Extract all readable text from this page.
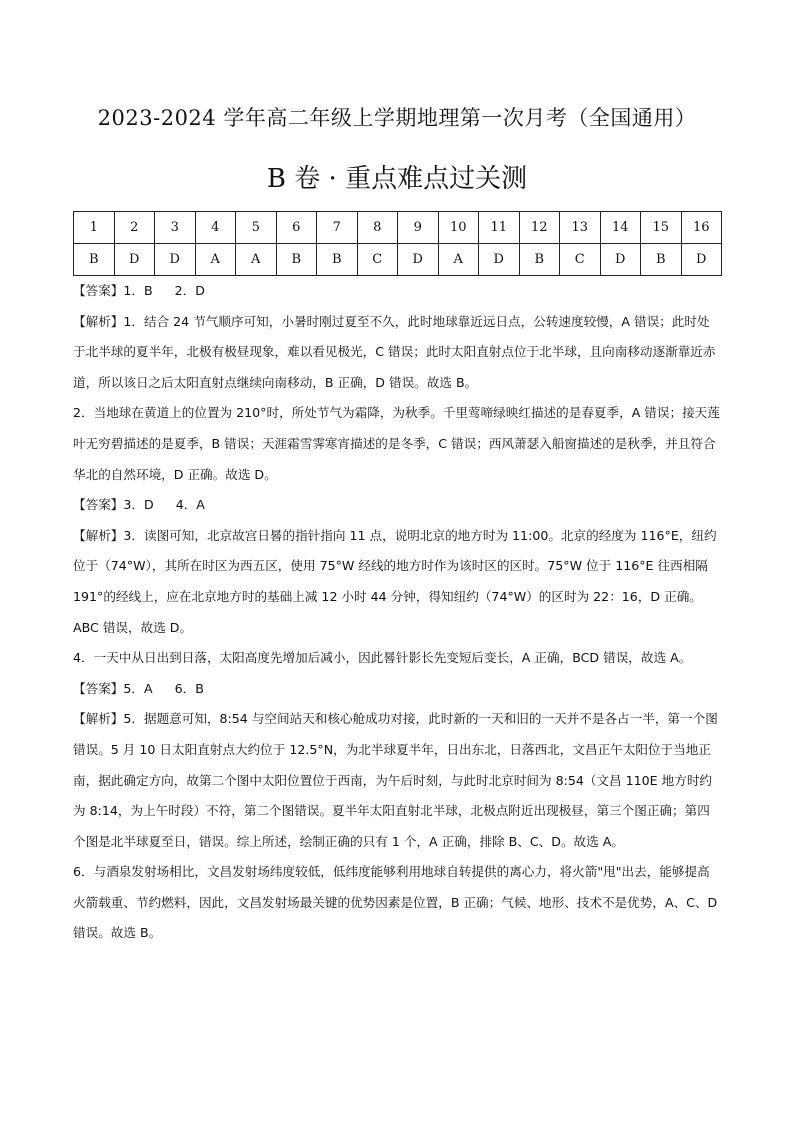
2023-2024 学年高二年级上学期地理第一次月考（全国通用）
B 卷 · 重点难点过关测
1	2	3	4	5	6	7	8	9	10	11	12	13	14	15	16
B	D	D	A	A	B	B	C	D	A	D	B	C	D	B	D

【答案】1．B 2．D

【解析】1．结合 24 节气顺序可知，小暑时刚过夏至不久，此时地球靠近远日点，公转速度较慢，A 错误；此时处于北半球的夏半年，北极有极昼现象，难以看见极光，C 错误；此时太阳直射点位于北半球，且向南移动逐渐靠近赤道，所以该日之后太阳直射点继续向南移动，B 正确，D 错误。故选 B。

2．当地球在黄道上的位置为 210°时，所处节气为霜降，为秋季。千里莺啼绿映红描述的是春夏季，A 错误；接天莲叶无穷碧描述的是夏季，B 错误；天涯霜雪霁寒宵描述的是冬季，C 错误；西风萧瑟入船窗描述的是秋季，并且符合华北的自然环境，D 正确。故选 D。

【答案】3．D 4．A

【解析】3．读图可知，北京故宫日晷的指针指向 11 点，说明北京的地方时为 11:00。北京的经度为 116°E，纽约位于（74°W），其所在时区为西五区，使用 75°W 经线的地方时作为该时区的区时。75°W 位于 116°E 往西相隔 191°的经线上，应在北京地方时的基础上减 12 小时 44 分钟，得知纽约（74°W）的区时为 22：16，D 正确。ABC 错误，故选 D。

4．一天中从日出到日落，太阳高度先增加后减小，因此晷针影长先变短后变长，A 正确，BCD 错误，故选 A。

【答案】5．A 6．B

【解析】5．据题意可知，8:54 与空间站天和核心舱成功对接，此时新的一天和旧的一天并不是各占一半，第一个图错误。5 月 10 日太阳直射点大约位于 12.5°N，为北半球夏半年，日出东北，日落西北，文昌正午太阳位于当地正南，据此确定方向，故第二个图中太阳位置位于西南，为午后时刻，与此时北京时间为 8:54（文昌 110E 地方时约为 8:14，为上午时段）不符，第二个图错误。夏半年太阳直射北半球，北极点附近出现极昼，第三个图正确；第四个图是北半球夏至日，错误。综上所述，绘制正确的只有 1 个，A 正确，排除 B、C、D。故选 A。

6．与酒泉发射场相比，文昌发射场纬度较低，低纬度能够利用地球自转提供的离心力，将火箭"甩"出去，能够提高火箭载重、节约燃料，因此，文昌发射场最关键的优势因素是位置，B 正确；气候、地形、技术不是优势，A、C、D 错误。故选 B。
